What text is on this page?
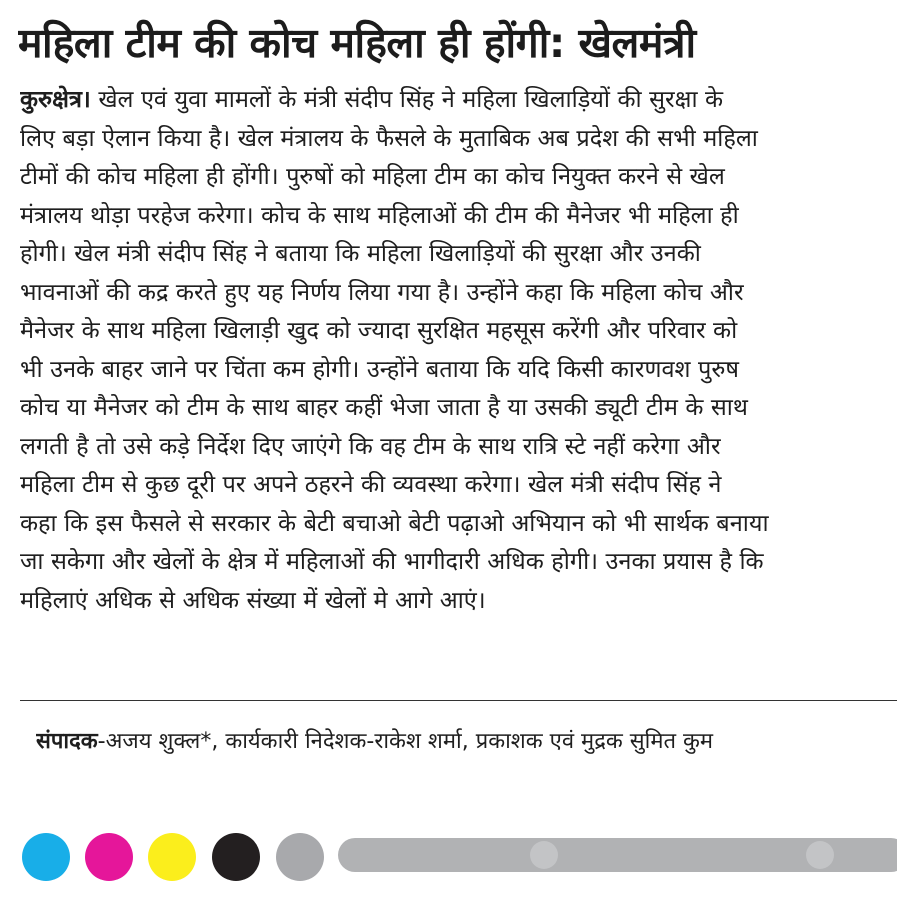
महिला टीम की कोच महिला ही होंगी: खेलमंत्री
कुरुक्षेत्र। खेल एवं युवा मामलों के मंत्री संदीप सिंह ने महिला खिलाड़ियों की सुरक्षा के
लिए बड़ा ऐलान किया है। खेल मंत्रालय के फैसले के मुताबिक अब प्रदेश की सभी महिला
टीमों की कोच महिला ही होंगी। पुरुषों को महिला टीम का कोच नियुक्त करने से खेल
मंत्रालय थोड़ा परहेज करेगा। कोच के साथ महिलाओं की टीम की मैनेजर भी महिला ही
होगी। खेल मंत्री संदीप सिंह ने बताया कि महिला खिलाड़ियों की सुरक्षा और उनकी
भावनाओं की कद्र करते हुए यह निर्णय लिया गया है। उन्होंने कहा कि महिला कोच और
मैनेजर के साथ महिला खिलाड़ी खुद को ज्यादा सुरक्षित महसूस करेंगी और परिवार को
भी उनके बाहर जाने पर चिंता कम होगी। उन्होंने बताया कि यदि किसी कारणवश पुरुष
कोच या मैनेजर को टीम के साथ बाहर कहीं भेजा जाता है या उसकी ड्यूटी टीम के साथ
लगती है तो उसे कड़े निर्देश दिए जाएंगे कि वह टीम के साथ रात्रि स्टे नहीं करेगा और
महिला टीम से कुछ दूरी पर अपने ठहरने की व्यवस्था करेगा। खेल मंत्री संदीप सिंह ने
कहा कि इस फैसले से सरकार के बेटी बचाओ बेटी पढ़ाओ अभियान को भी सार्थक बनाया
जा सकेगा और खेलों के क्षेत्र में महिलाओं की भागीदारी अधिक होगी। उनका प्रयास है कि
महिलाएं अधिक से अधिक संख्या में खेलों मे आगे आएं।
संपादक-अजय शुक्ल*, कार्यकारी निदेशक-राकेश शर्मा, प्रकाशक एवं मुद्रक सुमित कुम
